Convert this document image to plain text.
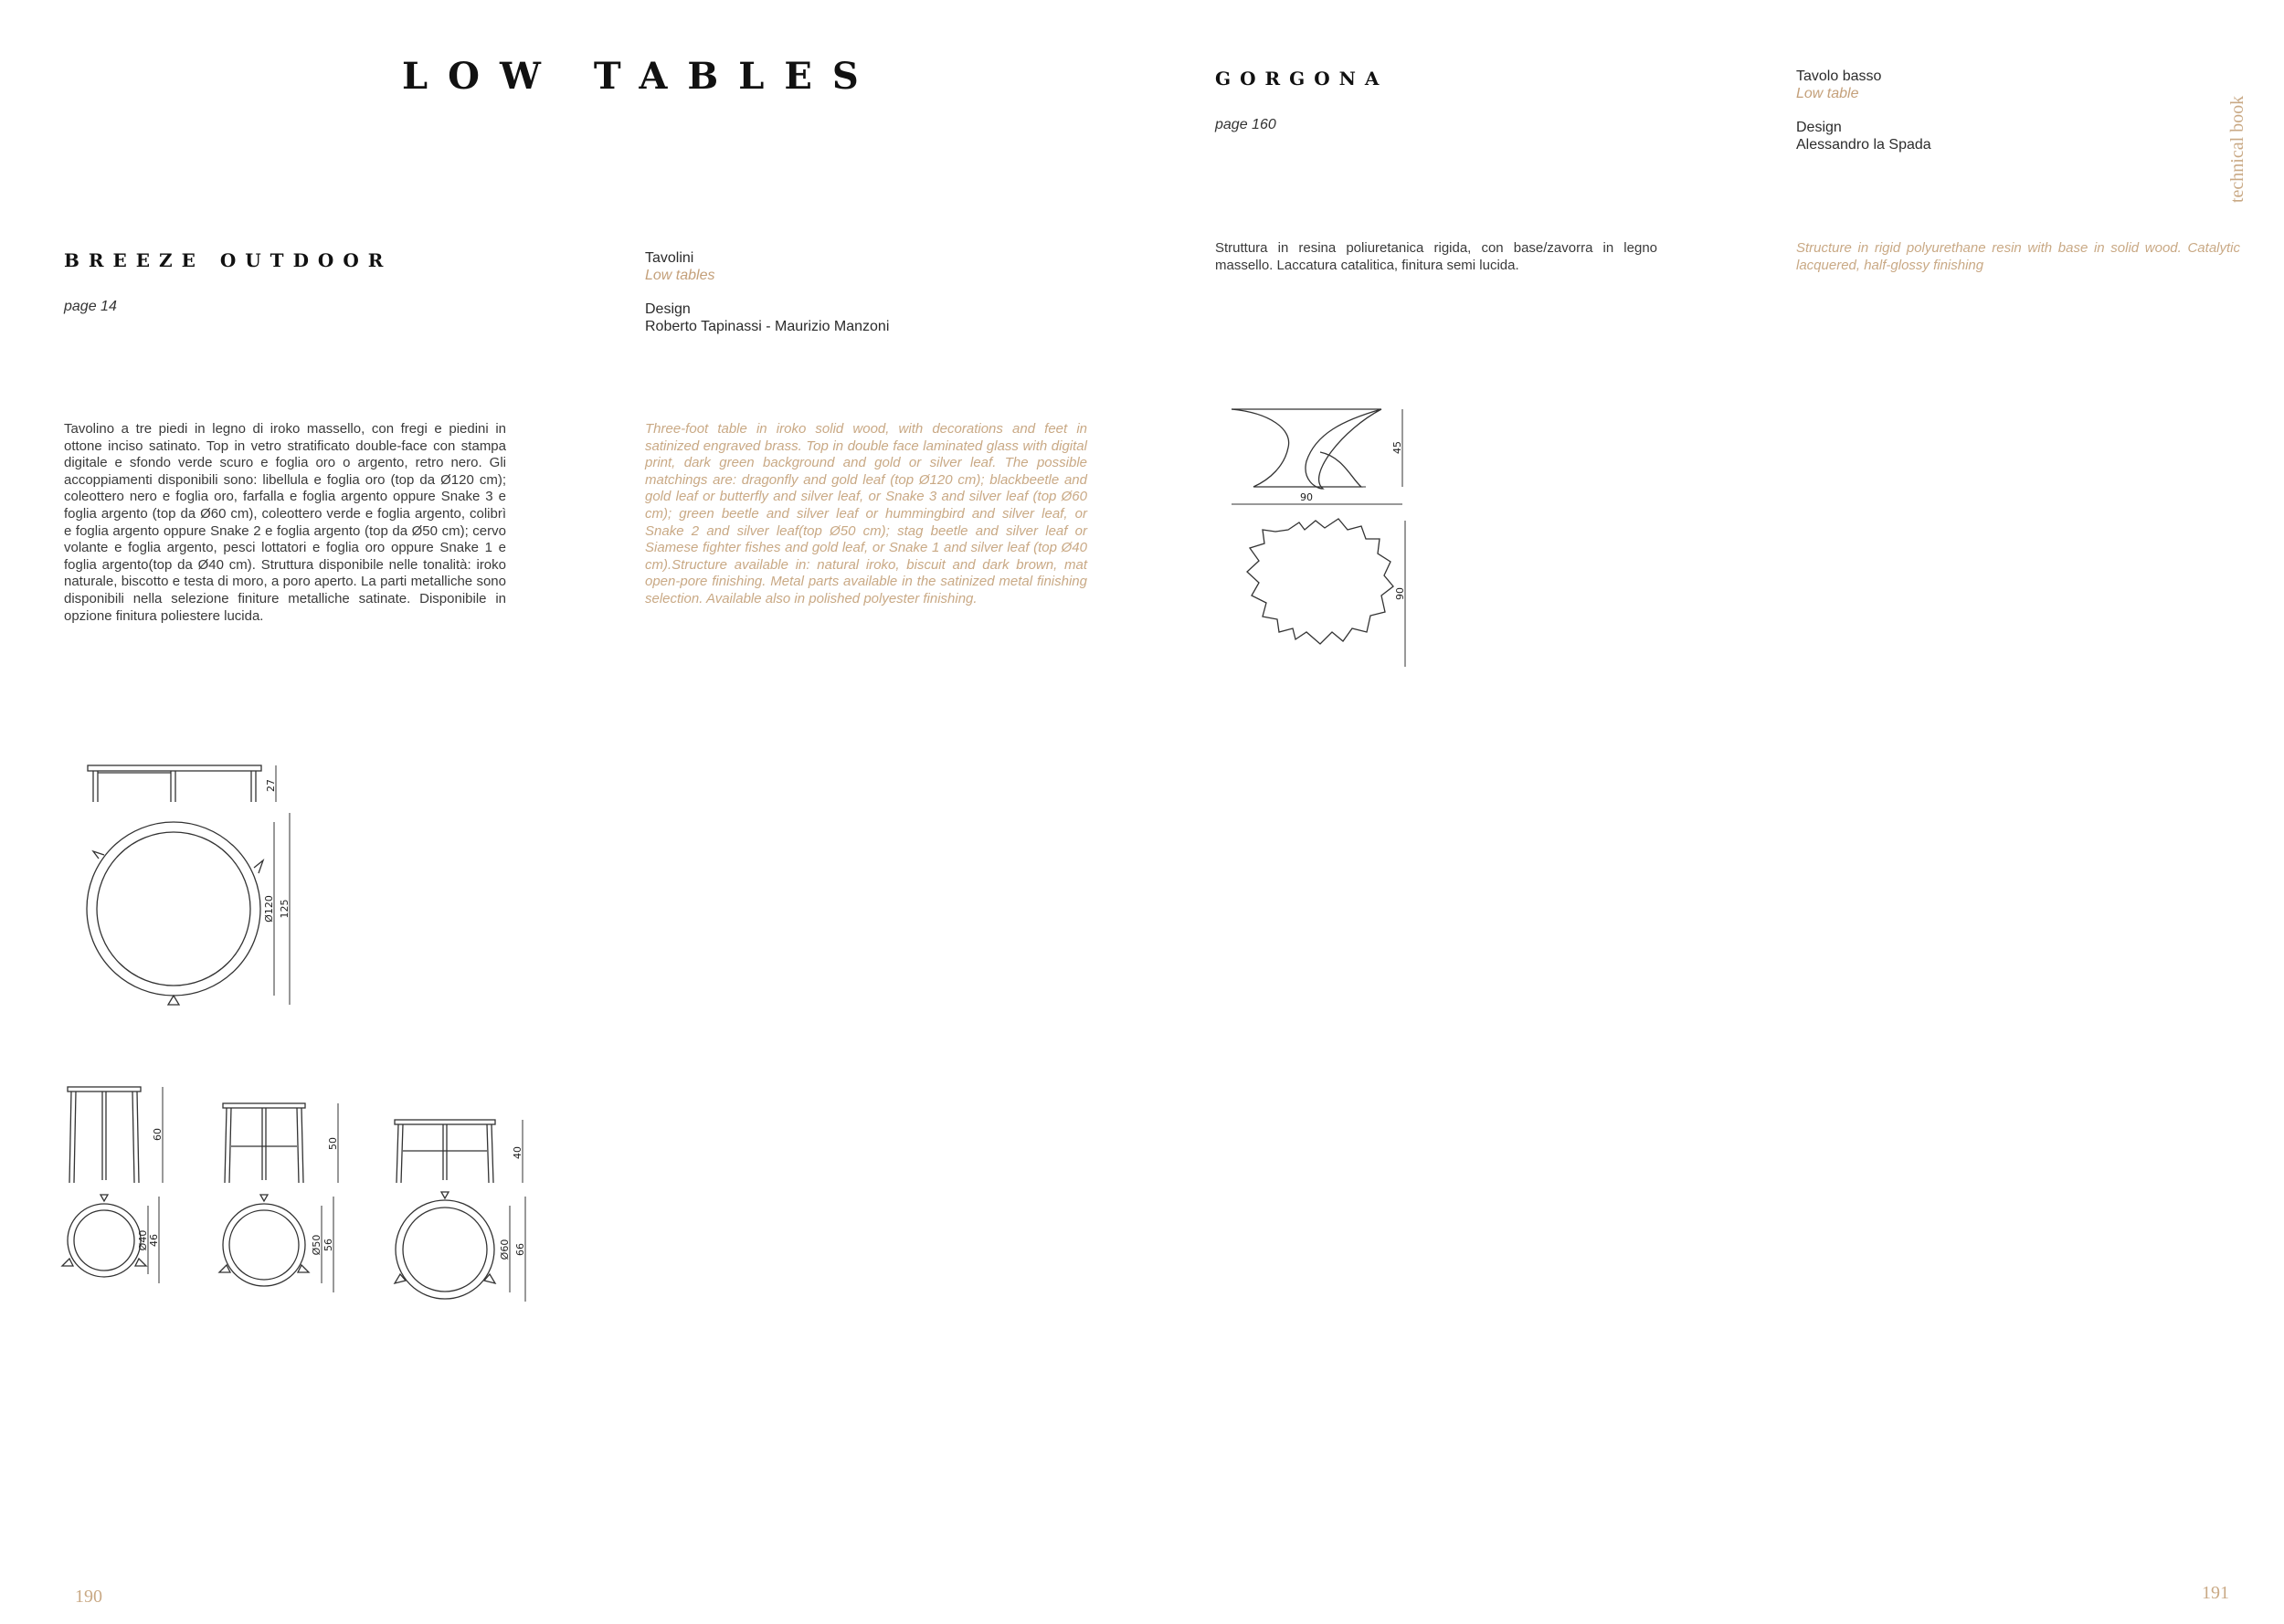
LOW TABLES
technical book
GORGONA
page 160
Tavolo basso
Low table
Design
Alessandro la Spada
Struttura in resina poliuretanica rigida, con base/zavorra in legno massello. Laccatura catalitica, finitura semi lucida.
Structure in rigid polyurethane resin with base in solid wood. Catalytic lacquered, half-glossy finishing
BREEZE OUTDOOR
page 14
Tavolini
Low tables
Design
Roberto Tapinassi - Maurizio Manzoni
Tavolino a tre piedi in legno di iroko massello, con fregi e piedini in ottone inciso satinato. Top in vetro stratificato double-face con stampa digitale e sfondo verde scuro e foglia oro o argento, retro nero. Gli accoppiamenti disponibili sono: libellula e foglia oro (top da Ø120 cm); coleottero nero e foglia oro, farfalla e foglia argento oppure Snake 3 e foglia argento (top da Ø60 cm), coleottero verde e foglia argento, colibrì e foglia argento oppure Snake 2 e foglia argento (top da Ø50 cm); cervo volante e foglia argento, pesci lottatori e foglia oro oppure Snake 1 e foglia argento(top da Ø40 cm). Struttura disponibile nelle tonalità: iroko naturale, biscotto e testa di moro, a poro aperto. La parti metalliche sono disponibili nella selezione finiture metalliche satinate. Disponibile in opzione finitura poliestere lucida.
Three-foot table in iroko solid wood, with decorations and feet in satinized engraved brass. Top in double face laminated glass with digital print, dark green background and gold or silver leaf. The possible matchings are: dragonfly and gold leaf (top Ø120 cm); blackbeetle and gold leaf or butterfly and silver leaf, or Snake 3 and silver leaf (top Ø60 cm); green beetle and silver leaf or hummingbird and silver leaf, or Snake 2 and silver leaf(top Ø50 cm); stag beetle and silver leaf or Siamese fighter fishes and gold leaf, or Snake 1 and silver leaf (top Ø40 cm).Structure available in: natural iroko, biscuit and dark brown, mat open-pore finishing. Metal parts available in the satinized metal finishing selection. Available also in polished polyester finishing.
45
90
90
27
Ø120 125
60
Ø40 46
50
Ø50 56
40
Ø60 66
190	191
